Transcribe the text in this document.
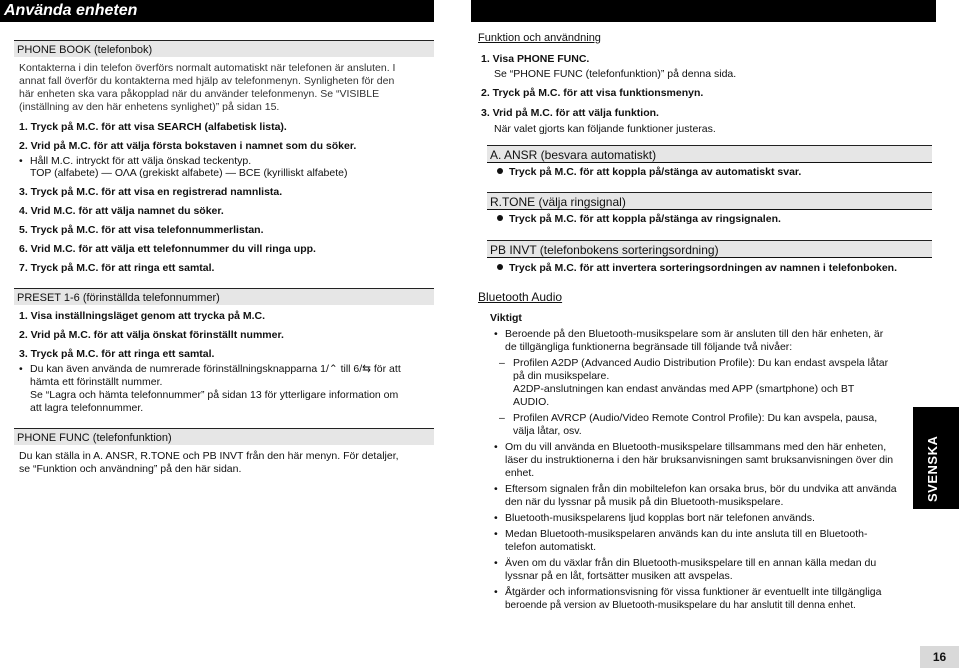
Använda enheten
PHONE BOOK (telefonbok)
Kontakterna i din telefon överförs normalt automatiskt när telefonen är ansluten. I
annat fall överför du kontakterna med hjälp av telefonmenyn. Synligheten för den
här enheten ska vara påkopplad när du använder telefonmenyn. Se “VISIBLE
(inställning av den här enhetens synlighet)” på sidan 15.
1. Tryck på M.C. för att visa SEARCH (alfabetisk lista).
2. Vrid på M.C. för att välja första bokstaven i namnet som du söker.
• Håll M.C. intryckt för att välja önskad teckentyp.
TOP (alfabete) — ΟΛΑ (grekiskt alfabete) — BCE (kyrilliskt alfabete)
3. Tryck på M.C. för att visa en registrerad namnlista.
4. Vrid M.C. för att välja namnet du söker.
5. Tryck på M.C. för att visa telefonnummerlistan.
6. Vrid M.C. för att välja ett telefonnummer du vill ringa upp.
7. Tryck på M.C. för att ringa ett samtal.
PRESET 1-6 (förinställda telefonnummer)
1. Visa inställningsläget genom att trycka på M.C.
2. Vrid på M.C. för att välja önskat förinställt nummer.
3. Tryck på M.C. för att ringa ett samtal.
• Du kan även använda de numrerade förinställningsknapparna 1/⌃ till 6/⇆ för att
hämta ett förinställt nummer.
Se “Lagra och hämta telefonnummer” på sidan 13 för ytterligare information om
att lagra telefonnummer.
PHONE FUNC (telefonfunktion)
Du kan ställa in A. ANSR, R.TONE och PB INVT från den här menyn. För detaljer,
se “Funktion och användning” på den här sidan.
Funktion och användning
1. Visa PHONE FUNC.
Se “PHONE FUNC (telefonfunktion)” på denna sida.
2. Tryck på M.C. för att visa funktionsmenyn.
3. Vrid på M.C. för att välja funktion.
När valet gjorts kan följande funktioner justeras.
A. ANSR (besvara automatiskt)
Tryck på M.C. för att koppla på/stänga av automatiskt svar.
R.TONE (välja ringsignal)
Tryck på M.C. för att koppla på/stänga av ringsignalen.
PB INVT (telefonbokens sorteringsordning)
Tryck på M.C. för att invertera sorteringsordningen av namnen i telefonboken.
Bluetooth Audio
Viktigt
• Beroende på den Bluetooth-musikspelare som är ansluten till den här enheten, är
de tillgängliga funktionerna begränsade till följande två nivåer:
– Profilen A2DP (Advanced Audio Distribution Profile): Du kan endast avspela låtar
på din musikspelare.
A2DP-anslutningen kan endast användas med APP (smartphone) och BT
AUDIO.
– Profilen AVRCP (Audio/Video Remote Control Profile): Du kan avspela, pausa,
välja låtar, osv.
• Om du vill använda en Bluetooth-musikspelare tillsammans med den här enheten,
läser du instruktionerna i den här bruksanvisningen samt bruksanvisningen över din
enhet.
• Eftersom signalen från din mobiltelefon kan orsaka brus, bör du undvika att använda
den när du lyssnar på musik på din Bluetooth-musikspelare.
• Bluetooth-musikspelarens ljud kopplas bort när telefonen används.
• Medan Bluetooth-musikspelaren används kan du inte ansluta till en Bluetooth-
telefon automatiskt.
• Även om du växlar från din Bluetooth-musikspelare till en annan källa medan du
lyssnar på en låt, fortsätter musiken att avspelas.
• Åtgärder och informationsvisning för vissa funktioner är eventuellt inte tillgängliga
beroende på version av Bluetooth-musikspelare du har anslutit till denna enhet.
SVENSKA
16
